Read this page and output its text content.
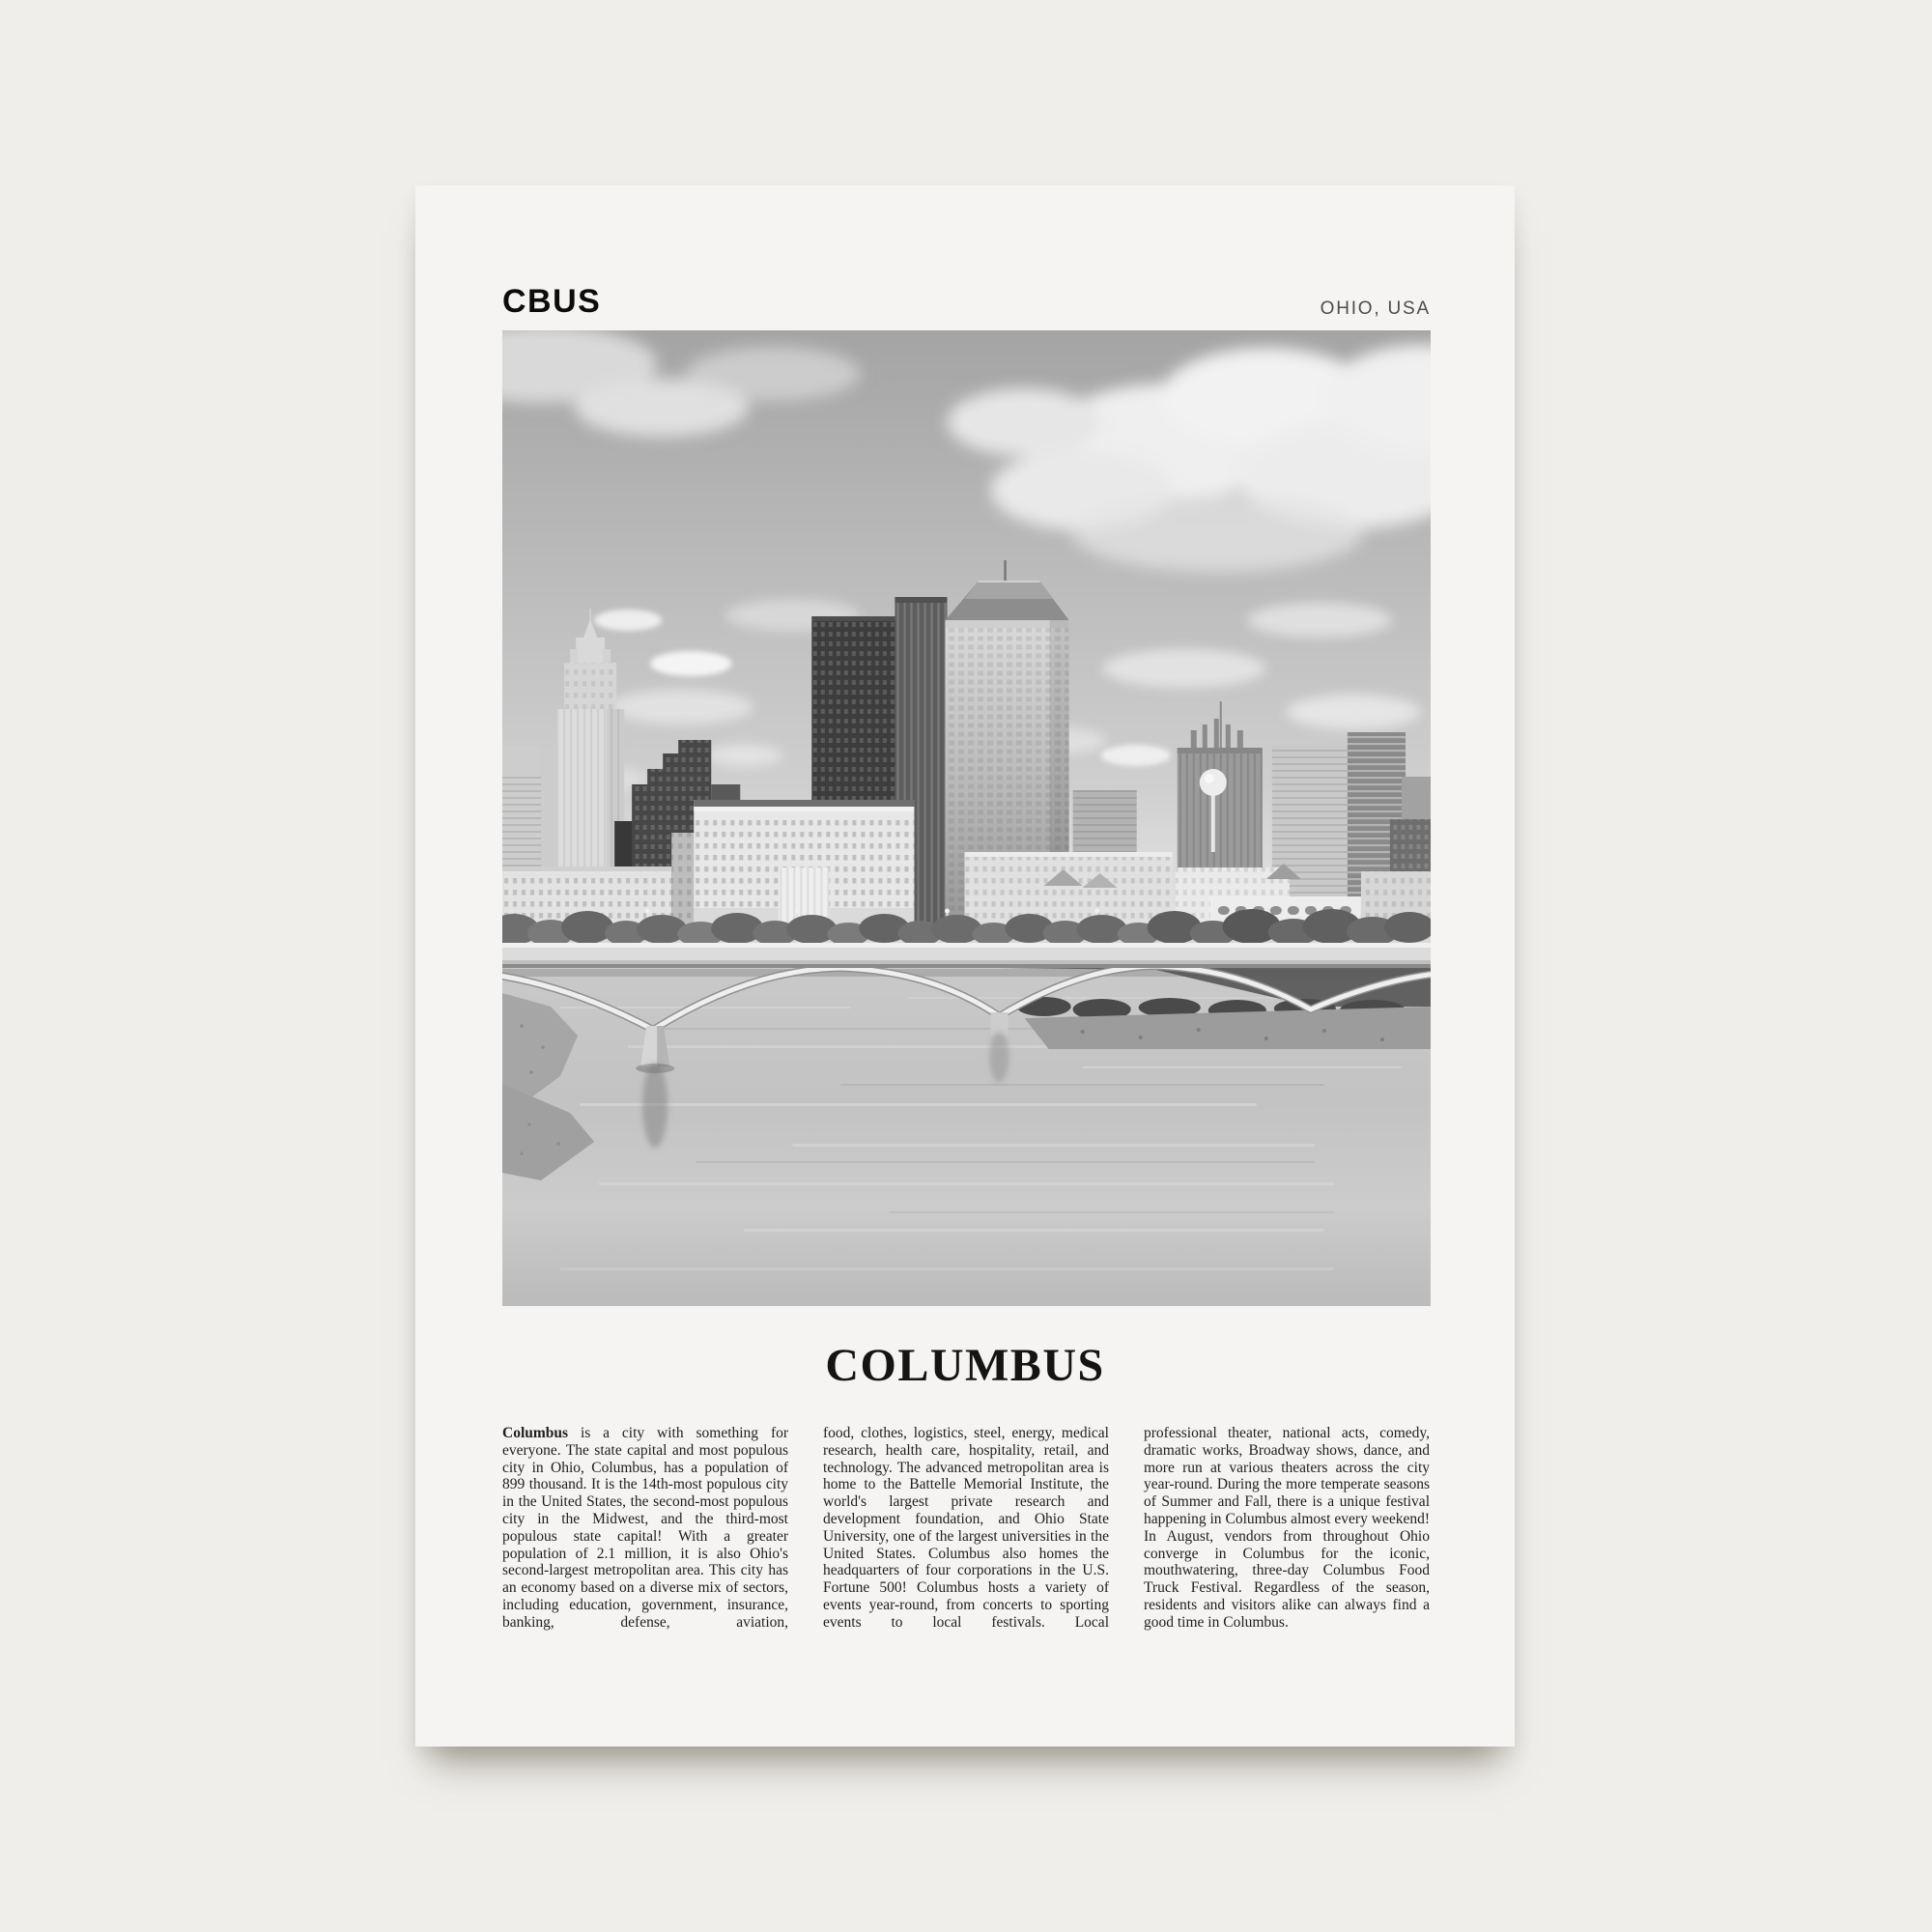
CBUS	OHIO, USA
COLUMBUS

Columbus is a city with something for everyone. The state capital and most populous city in Ohio, Columbus, has a population of 899 thousand. It is the 14th-most populous city in the United States, the second-most populous city in the Midwest, and the third-most populous state capital! With a greater population of 2.1 million, it is also Ohio's second-largest metropolitan area. This city has an economy based on a diverse mix of sectors, including education, government, insurance, banking, defense, aviation,

food, clothes, logistics, steel, energy, medical research, health care, hospitality, retail, and technology. The advanced metropolitan area is home to the Battelle Memorial Institute, the world's largest private research and development foundation, and Ohio State University, one of the largest universities in the United States. Columbus also homes the headquarters of four corporations in the U.S. Fortune 500! Columbus hosts a variety of events year-round, from concerts to sporting events to local festivals. Local

professional theater, national acts, comedy, dramatic works, Broadway shows, dance, and more run at various theaters across the city year-round. During the more temperate seasons of Summer and Fall, there is a unique festival happening in Columbus almost every weekend! In August, vendors from throughout Ohio converge in Columbus for the iconic, mouthwatering, three-day Columbus Food Truck Festival. Regardless of the season, residents and visitors alike can always find a good time in Columbus.
